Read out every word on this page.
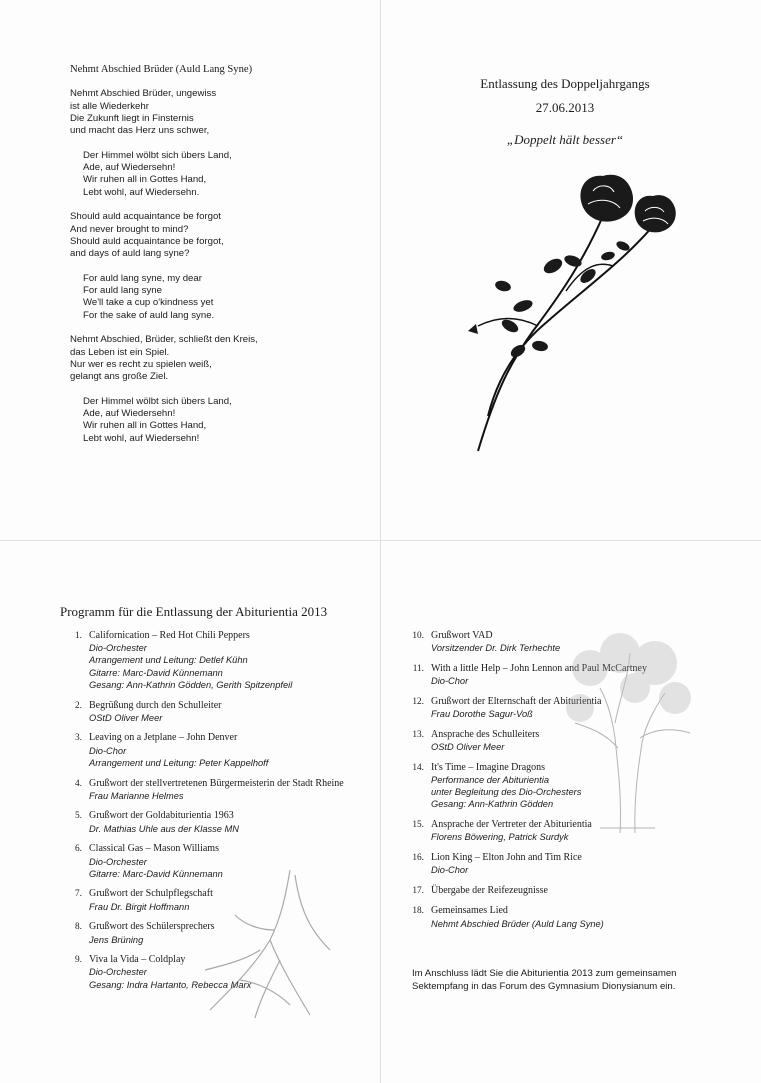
Nehmt Abschied Brüder (Auld Lang Syne)
Nehmt Abschied Brüder, ungewiss
ist alle Wiederkehr
Die Zukunft liegt in Finsternis
und macht das Herz uns schwer,
Der Himmel wölbt sich übers Land,
Ade, auf Wiedersehn!
Wir ruhen all in Gottes Hand,
Lebt wohl, auf Wiedersehn.
Should auld acquaintance be forgot
And never brought to mind?
Should auld acquaintance be forgot,
and days of auld lang syne?
For auld lang syne, my dear
For auld lang syne
We'll take a cup o'kindness yet
For the sake of auld lang syne.
Nehmt Abschied, Brüder, schließt den Kreis,
das Leben ist ein Spiel.
Nur wer es recht zu spielen weiß,
gelangt ans große Ziel.
Der Himmel wölbt sich übers Land,
Ade, auf Wiedersehn!
Wir ruhen all in Gottes Hand,
Lebt wohl, auf Wiedersehn!
Entlassung des Doppeljahrgangs
27.06.2013
„Doppelt hält besser“
Programm für die Entlassung der Abiturientia 2013
1. Californication – Red Hot Chili Peppers
Dio-Orchester
Arrangement und Leitung: Detlef Kühn
Gitarre: Marc-David Künnemann
Gesang: Ann-Kathrin Gödden, Gerith Spitzenpfeil
2. Begrüßung durch den Schulleiter
OStD Oliver Meer
3. Leaving on a Jetplane – John Denver
Dio-Chor
Arrangement und Leitung: Peter Kappelhoff
4. Grußwort der stellvertretenen Bürgermeisterin der Stadt Rheine
Frau Marianne Helmes
5. Grußwort der Goldabiturientia 1963
Dr. Mathias Uhle aus der Klasse MN
6. Classical Gas – Mason Williams
Dio-Orchester
Gitarre: Marc-David Künnemann
7. Grußwort der Schulpflegschaft
Frau Dr. Birgit Hoffmann
8. Grußwort des Schülersprechers
Jens Brüning
9. Viva la Vida – Coldplay
Dio-Orchester
Gesang: Indra Hartanto, Rebecca Marx
10. Grußwort VAD
Vorsitzender Dr. Dirk Terhechte
11. With a little Help – John Lennon and Paul McCartney
Dio-Chor
12. Grußwort der Elternschaft der Abiturientia
Frau Dorothe Sagur-Voß
13. Ansprache des Schulleiters
OStD Oliver Meer
14. It's Time – Imagine Dragons
Performance der Abiturientia
unter Begleitung des Dio-Orchesters
Gesang: Ann-Kathrin Gödden
15. Ansprache der Vertreter der Abiturientia
Florens Böwering, Patrick Surdyk
16. Lion King – Elton John and Tim Rice
Dio-Chor
17. Übergabe der Reifezeugnisse
18. Gemeinsames Lied
Nehmt Abschied Brüder (Auld Lang Syne)
Im Anschluss lädt Sie die Abiturientia 2013 zum gemeinsamen Sektempfang in das Forum des Gymnasium Dionysianum ein.
